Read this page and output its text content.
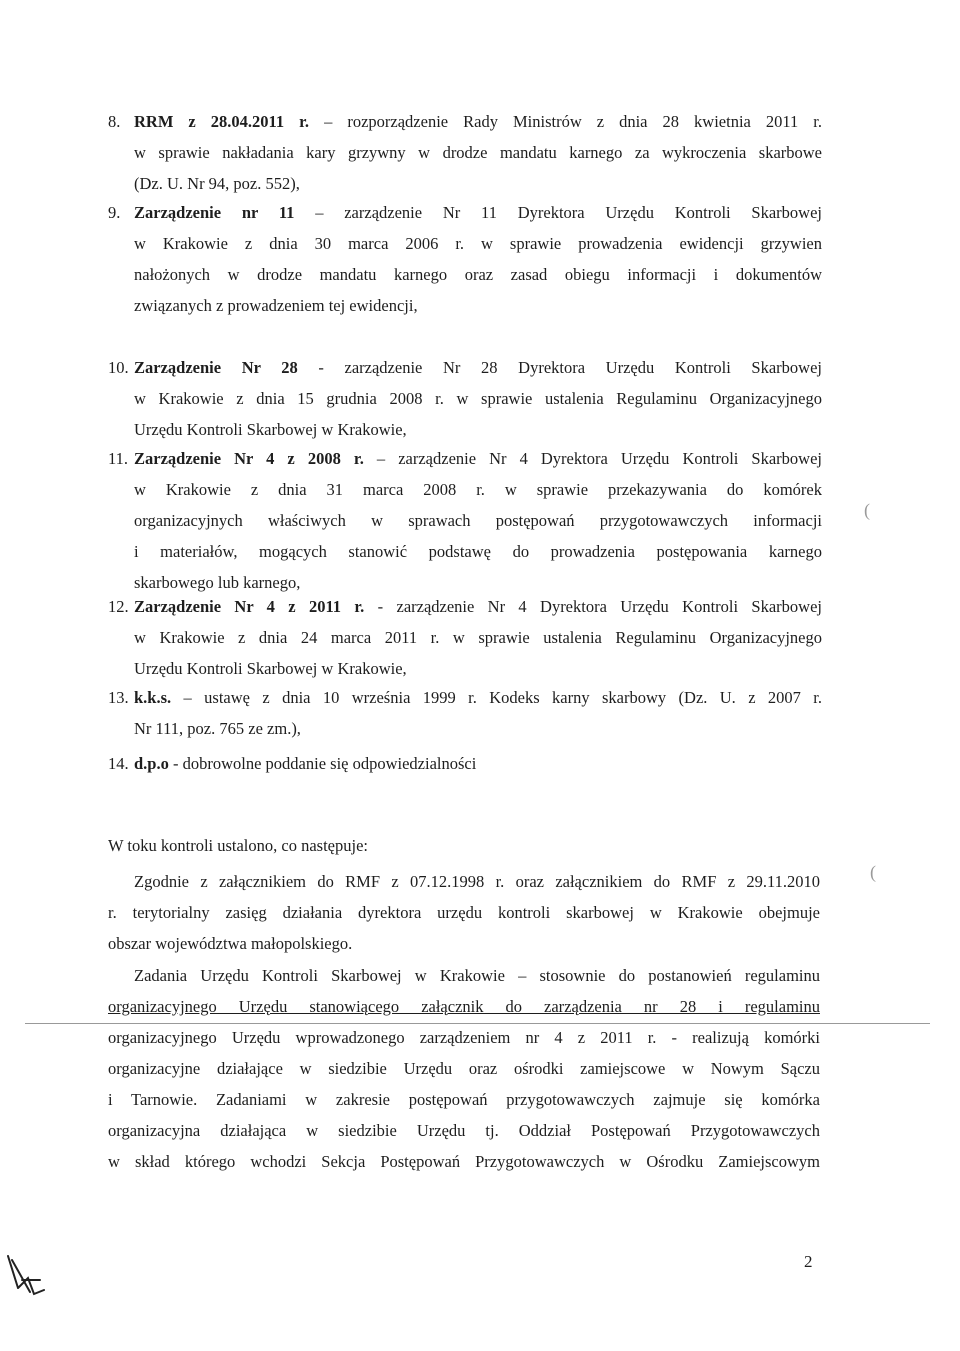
8. RRM z 28.04.2011 r. – rozporządzenie Rady Ministrów z dnia 28 kwietnia 2011 r.
w sprawie nakładania kary grzywny w drodze mandatu karnego za wykroczenia skarbowe
(Dz. U. Nr 94, poz. 552),
9. Zarządzenie nr 11 – zarządzenie Nr 11 Dyrektora Urzędu Kontroli Skarbowej
w Krakowie z dnia 30 marca 2006 r. w sprawie prowadzenia ewidencji grzywien
nałożonych w drodze mandatu karnego oraz zasad obiegu informacji i dokumentów
związanych z prowadzeniem tej ewidencji,
10. Zarządzenie Nr 28 - zarządzenie Nr 28 Dyrektora Urzędu Kontroli Skarbowej
w Krakowie z dnia 15 grudnia 2008 r. w sprawie ustalenia Regulaminu Organizacyjnego
Urzędu Kontroli Skarbowej w Krakowie,
11. Zarządzenie Nr 4 z 2008 r. – zarządzenie Nr 4 Dyrektora Urzędu Kontroli Skarbowej
w Krakowie z dnia 31 marca 2008 r. w sprawie przekazywania do komórek
organizacyjnych właściwych w sprawach postępowań przygotowawczych informacji
i materiałów, mogących stanowić podstawę do prowadzenia postępowania karnego
skarbowego lub karnego,
12. Zarządzenie Nr 4 z 2011 r. - zarządzenie Nr 4 Dyrektora Urzędu Kontroli Skarbowej
w Krakowie z dnia 24 marca 2011 r. w sprawie ustalenia Regulaminu Organizacyjnego
Urzędu Kontroli Skarbowej w Krakowie,
13. k.k.s. – ustawę z dnia 10 września 1999 r. Kodeks karny skarbowy (Dz. U. z 2007 r.
Nr 111, poz. 765 ze zm.),
14. d.p.o - dobrowolne poddanie się odpowiedzialności
W toku kontroli ustalono, co następuje:
Zgodnie z załącznikiem do RMF z 07.12.1998 r. oraz załącznikiem do RMF z 29.11.2010
r. terytorialny zasięg działania dyrektora urzędu kontroli skarbowej w Krakowie obejmuje
obszar województwa małopolskiego.
Zadania Urzędu Kontroli Skarbowej w Krakowie – stosownie do postanowień regulaminu
organizacyjnego Urzędu stanowiącego załącznik do zarządzenia nr 28 i regulaminu
organizacyjnego Urzędu wprowadzonego zarządzeniem nr 4 z 2011 r. - realizują komórki
organizacyjne działające w siedzibie Urzędu oraz ośrodki zamiejscowe w Nowym Sączu
i Tarnowie. Zadaniami w zakresie postępowań przygotowawczych zajmuje się komórka
organizacyjna działająca w siedzibie Urzędu tj. Oddział Postępowań Przygotowawczych
w skład którego wchodzi Sekcja Postępowań Przygotowawczych w Ośrodku Zamiejscowym
(
(
2
